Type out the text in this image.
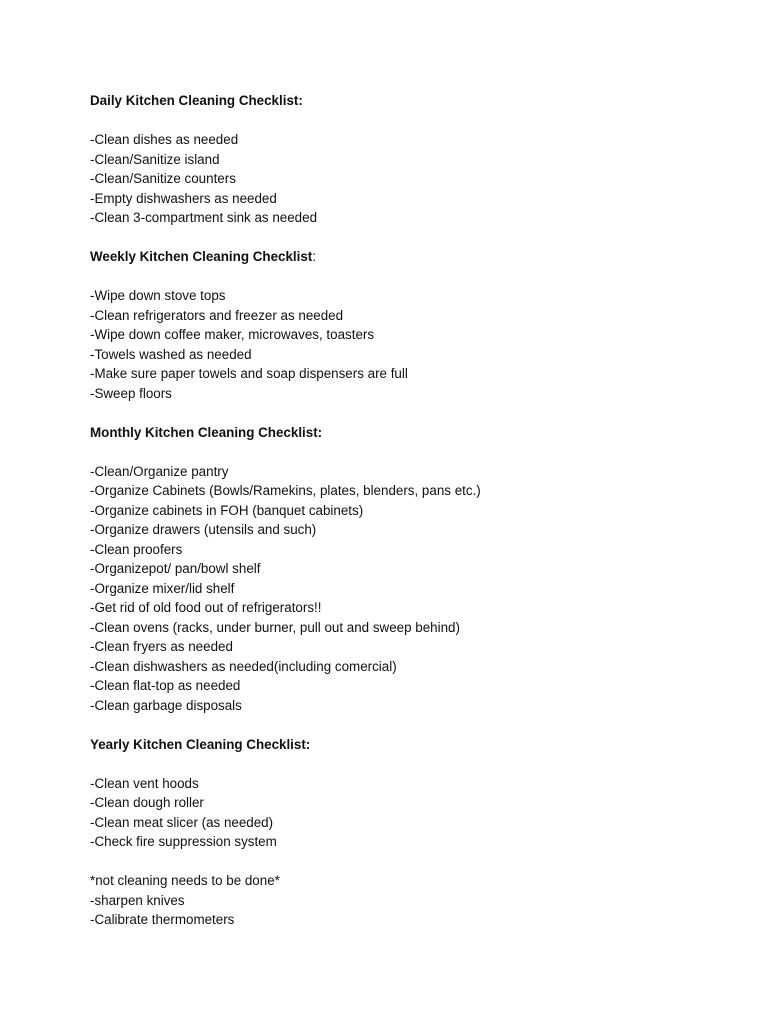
Daily Kitchen Cleaning Checklist:

-Clean dishes as needed

-Clean/Sanitize island

-Clean/Sanitize counters

-Empty dishwashers as needed

-Clean 3-compartment sink as needed

Weekly Kitchen Cleaning Checklist:

-Wipe down stove tops

-Clean refrigerators and freezer as needed

-Wipe down coffee maker, microwaves, toasters

-Towels washed as needed

-Make sure paper towels and soap dispensers are full

-Sweep floors

Monthly Kitchen Cleaning Checklist:

-Clean/Organize pantry

-Organize Cabinets (Bowls/Ramekins, plates, blenders, pans etc.)

-Organize cabinets in FOH (banquet cabinets)

-Organize drawers (utensils and such)

-Clean proofers

-Organizepot/ pan/bowl shelf

-Organize mixer/lid shelf

-Get rid of old food out of refrigerators!!

-Clean ovens (racks, under burner, pull out and sweep behind)

-Clean fryers as needed

-Clean dishwashers as needed(including comercial)

-Clean flat-top as needed

-Clean garbage disposals

Yearly Kitchen Cleaning Checklist:

-Clean vent hoods

-Clean dough roller

-Clean meat slicer (as needed)

-Check fire suppression system

*not cleaning needs to be done*

-sharpen knives

-Calibrate thermometers
